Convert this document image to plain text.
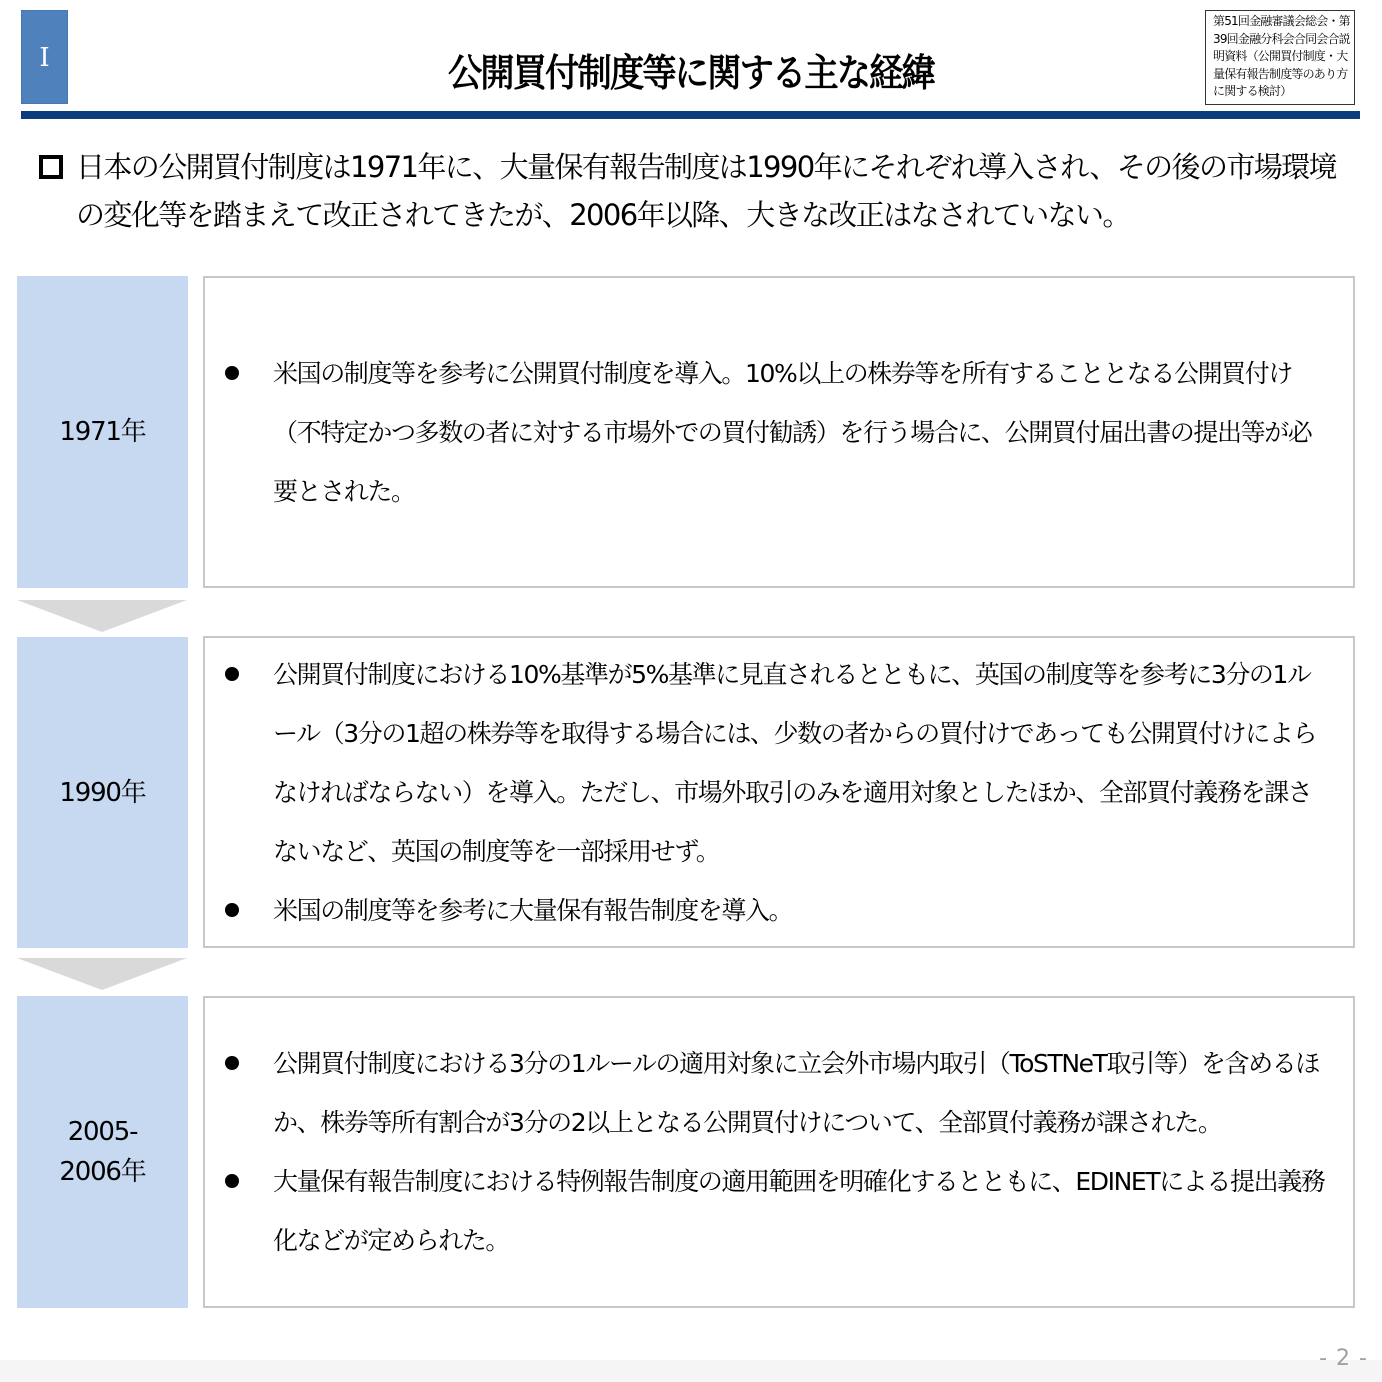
Ⅰ	公開買付制度等に関する主な経緯
第51回金融審議会総会・第39回金融分科会合同会合説明資料（公開買付制度・大量保有報告制度等のあり方に関する検討）
日本の公開買付制度は1971年に、大量保有報告制度は1990年にそれぞれ導入され、その後の市場環境の変化等を踏まえて改正されてきたが、2006年以降、大きな改正はなされていない。
1971年
米国の制度等を参考に公開買付制度を導入。10%以上の株券等を所有することとなる公開買付け（不特定かつ多数の者に対する市場外での買付勧誘）を行う場合に、公開買付届出書の提出等が必要とされた。
1990年
公開買付制度における10%基準が5%基準に見直されるとともに、英国の制度等を参考に3分の1ルール（3分の1超の株券等を取得する場合には、少数の者からの買付けであっても公開買付けによらなければならない）を導入。ただし、市場外取引のみを適用対象としたほか、全部買付義務を課さないなど、英国の制度等を一部採用せず。
米国の制度等を参考に大量保有報告制度を導入。
2005-
2006年
公開買付制度における3分の1ルールの適用対象に立会外市場内取引（ToSTNeT取引等）を含めるほか、株券等所有割合が3分の2以上となる公開買付けについて、全部買付義務が課された。
大量保有報告制度における特例報告制度の適用範囲を明確化するとともに、EDINETによる提出義務化などが定められた。
- 2 -
